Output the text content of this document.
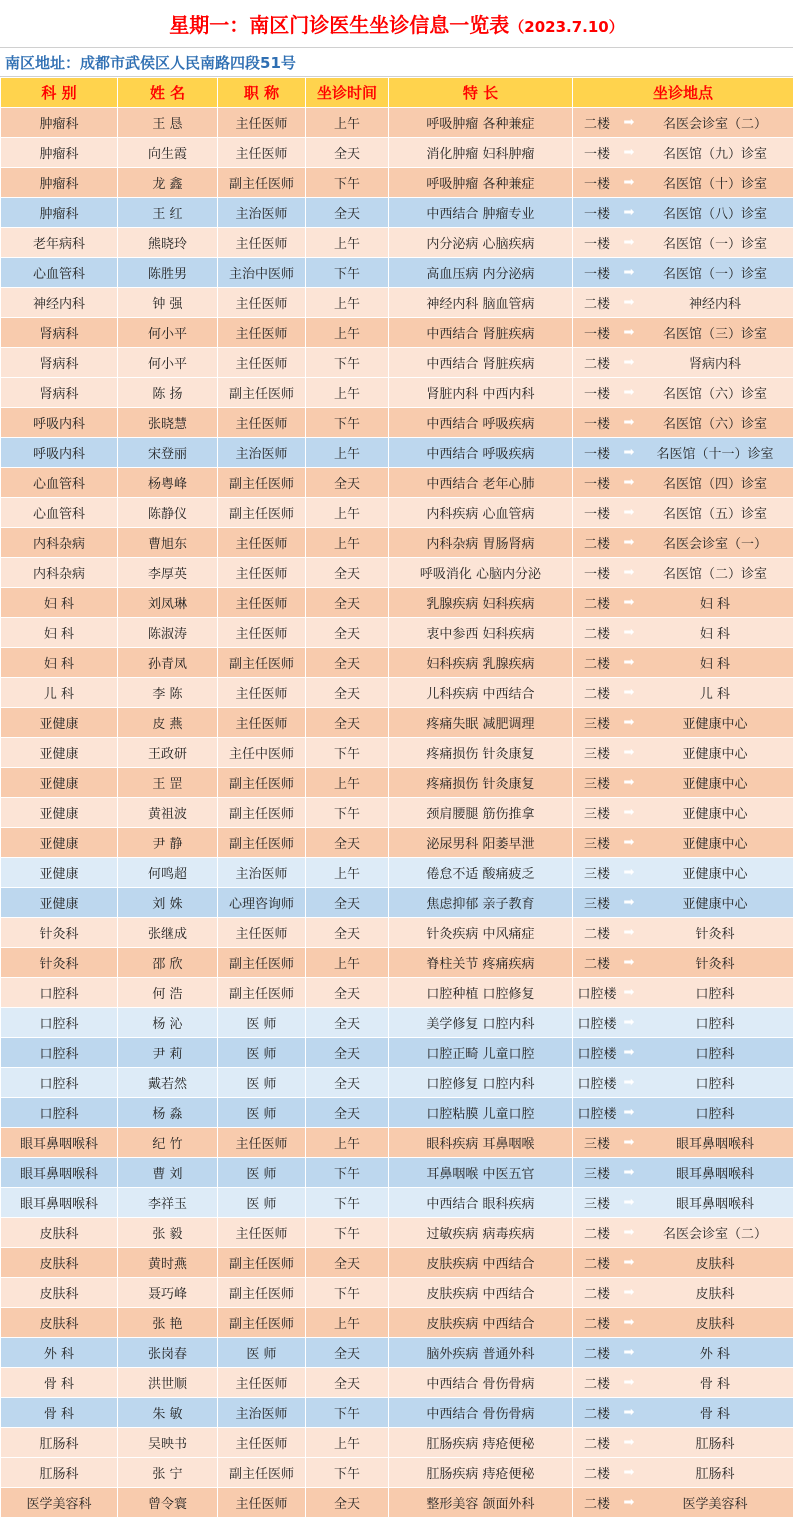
星期一：南区门诊医生坐诊信息一览表（2023.7.10）
南区地址：成都市武侯区人民南路四段51号
科 别	姓 名	职 称	坐诊时间	特 长	坐诊地点
肿瘤科	王 恳	主任医师	上午	呼吸肿瘤 各种兼症	二楼 ➡ 名医会诊室（二）

肿瘤科	向生霞	主任医师	全天	消化肿瘤 妇科肿瘤	一楼 ➡ 名医馆（九）诊室

肿瘤科	龙 鑫	副主任医师	下午	呼吸肿瘤 各种兼症	一楼 ➡ 名医馆（十）诊室

肿瘤科	王 红	主治医师	全天	中西结合 肿瘤专业	一楼 ➡ 名医馆（八）诊室

老年病科	熊晓玲	主任医师	上午	内分泌病 心脑疾病	一楼 ➡ 名医馆（一）诊室

心血管科	陈胜男	主治中医师	下午	高血压病 内分泌病	一楼 ➡ 名医馆（一）诊室

神经内科	钟 强	主任医师	上午	神经内科 脑血管病	二楼 ➡ 神经内科

肾病科	何小平	主任医师	上午	中西结合 肾脏疾病	一楼 ➡ 名医馆（三）诊室

肾病科	何小平	主任医师	下午	中西结合 肾脏疾病	二楼 ➡ 肾病内科

肾病科	陈 扬	副主任医师	上午	肾脏内科 中西内科	一楼 ➡ 名医馆（六）诊室

呼吸内科	张晓慧	主任医师	下午	中西结合 呼吸疾病	一楼 ➡ 名医馆（六）诊室

呼吸内科	宋登丽	主治医师	上午	中西结合 呼吸疾病	一楼 ➡ 名医馆（十一）诊室

心血管科	杨粤峰	副主任医师	全天	中西结合 老年心肺	一楼 ➡ 名医馆（四）诊室

心血管科	陈静仪	副主任医师	上午	内科疾病 心血管病	一楼 ➡ 名医馆（五）诊室

内科杂病	曹旭东	主任医师	上午	内科杂病 胃肠肾病	二楼 ➡ 名医会诊室（一）

内科杂病	李厚英	主任医师	全天	呼吸消化 心脑内分泌	一楼 ➡ 名医馆（二）诊室

妇 科	刘凤琳	主任医师	全天	乳腺疾病 妇科疾病	二楼 ➡ 妇 科

妇 科	陈淑涛	主任医师	全天	衷中参西 妇科疾病	二楼 ➡ 妇 科

妇 科	孙青凤	副主任医师	全天	妇科疾病 乳腺疾病	二楼 ➡ 妇 科

儿 科	李 陈	主任医师	全天	儿科疾病 中西结合	二楼 ➡ 儿 科

亚健康	皮 燕	主任医师	全天	疼痛失眠 减肥调理	三楼 ➡ 亚健康中心

亚健康	王政研	主任中医师	下午	疼痛损伤 针灸康复	三楼 ➡ 亚健康中心

亚健康	王 罡	副主任医师	上午	疼痛损伤 针灸康复	三楼 ➡ 亚健康中心

亚健康	黄祖波	副主任医师	下午	颈肩腰腿 筋伤推拿	三楼 ➡ 亚健康中心

亚健康	尹 静	副主任医师	全天	泌尿男科 阳萎早泄	三楼 ➡ 亚健康中心

亚健康	何鸣超	主治医师	上午	倦怠不适 酸痛疲乏	三楼 ➡ 亚健康中心

亚健康	刘 姝	心理咨询师	全天	焦虑抑郁 亲子教育	三楼 ➡ 亚健康中心

针灸科	张继成	主任医师	全天	针灸疾病 中风痛症	二楼 ➡ 针灸科

针灸科	邵 欣	副主任医师	上午	脊柱关节 疼痛疾病	二楼 ➡ 针灸科

口腔科	何 浩	副主任医师	全天	口腔种植 口腔修复	口腔楼 ➡ 口腔科

口腔科	杨 沁	医 师	全天	美学修复 口腔内科	口腔楼 ➡ 口腔科

口腔科	尹 莉	医 师	全天	口腔正畸 儿童口腔	口腔楼 ➡ 口腔科

口腔科	戴若然	医 师	全天	口腔修复 口腔内科	口腔楼 ➡ 口腔科

口腔科	杨 淼	医 师	全天	口腔粘膜 儿童口腔	口腔楼 ➡ 口腔科

眼耳鼻咽喉科	纪 竹	主任医师	上午	眼科疾病 耳鼻咽喉	三楼 ➡ 眼耳鼻咽喉科

眼耳鼻咽喉科	曹 刘	医 师	下午	耳鼻咽喉 中医五官	三楼 ➡ 眼耳鼻咽喉科

眼耳鼻咽喉科	李祥玉	医 师	下午	中西结合 眼科疾病	三楼 ➡ 眼耳鼻咽喉科

皮肤科	张 毅	主任医师	下午	过敏疾病 病毒疾病	二楼 ➡ 名医会诊室（二）

皮肤科	黄时燕	副主任医师	全天	皮肤疾病 中西结合	二楼 ➡ 皮肤科

皮肤科	聂巧峰	副主任医师	下午	皮肤疾病 中西结合	二楼 ➡ 皮肤科

皮肤科	张 艳	副主任医师	上午	皮肤疾病 中西结合	二楼 ➡ 皮肤科

外 科	张岗春	医 师	全天	脑外疾病 普通外科	二楼 ➡ 外 科

骨 科	洪世顺	主任医师	全天	中西结合 骨伤骨病	二楼 ➡ 骨 科

骨 科	朱 敏	主治医师	下午	中西结合 骨伤骨病	二楼 ➡ 骨 科

肛肠科	吴映书	主任医师	上午	肛肠疾病 痔疮便秘	二楼 ➡ 肛肠科

肛肠科	张 宁	副主任医师	下午	肛肠疾病 痔疮便秘	二楼 ➡ 肛肠科

医学美容科	曾令寰	主任医师	全天	整形美容 颌面外科	二楼 ➡ 医学美容科
